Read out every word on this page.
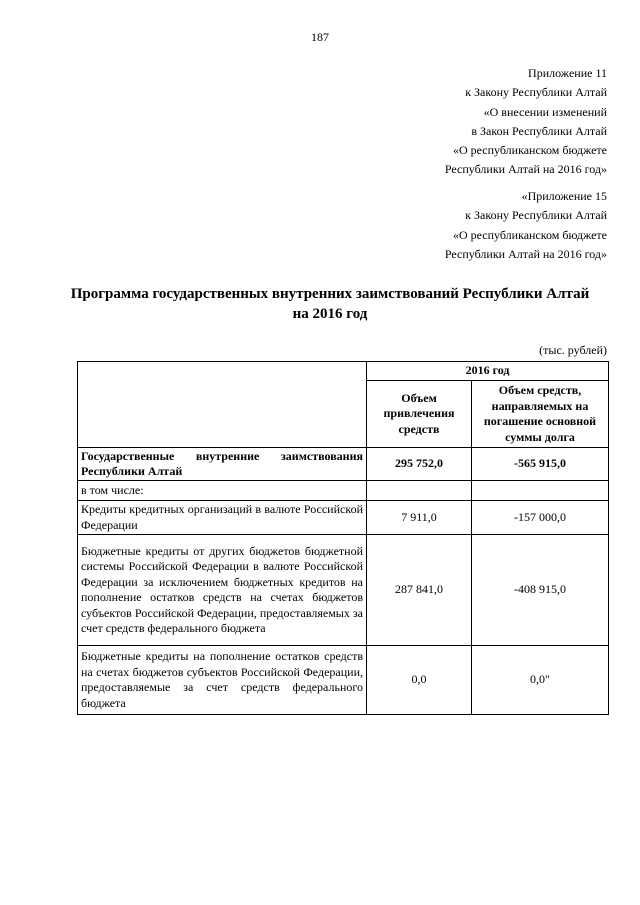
187
Приложение 11
к Закону Республики Алтай
«О внесении изменений
в Закон Республики Алтай
«О республиканском бюджете
Республики Алтай на 2016 год»
«Приложение 15
к Закону Республики Алтай
«О республиканском бюджете
Республики Алтай на 2016 год»
Программа государственных внутренних заимствований Республики Алтай
на 2016 год
(тыс. рублей)
	2016 год	
	Объем привлечения средств	Объем средств, направляемых на погашение основной суммы долга
Государственные внутренние заимствования Республики Алтай	295 752,0	-565 915,0
в том числе:		
Кредиты кредитных организаций в валюте Российской Федерации	7 911,0	-157 000,0
Бюджетные кредиты от других бюджетов бюджетной системы Российской Федерации в валюте Российской Федерации за исключением бюджетных кредитов на пополнение остатков средств на счетах бюджетов субъектов Российской Федерации, предоставляемых за счет средств федерального бюджета	287 841,0	-408 915,0
Бюджетные кредиты на пополнение остатков средств на счетах бюджетов субъектов Российской Федерации, предоставляемые за счет средств федерального бюджета	0,0	0,0"
